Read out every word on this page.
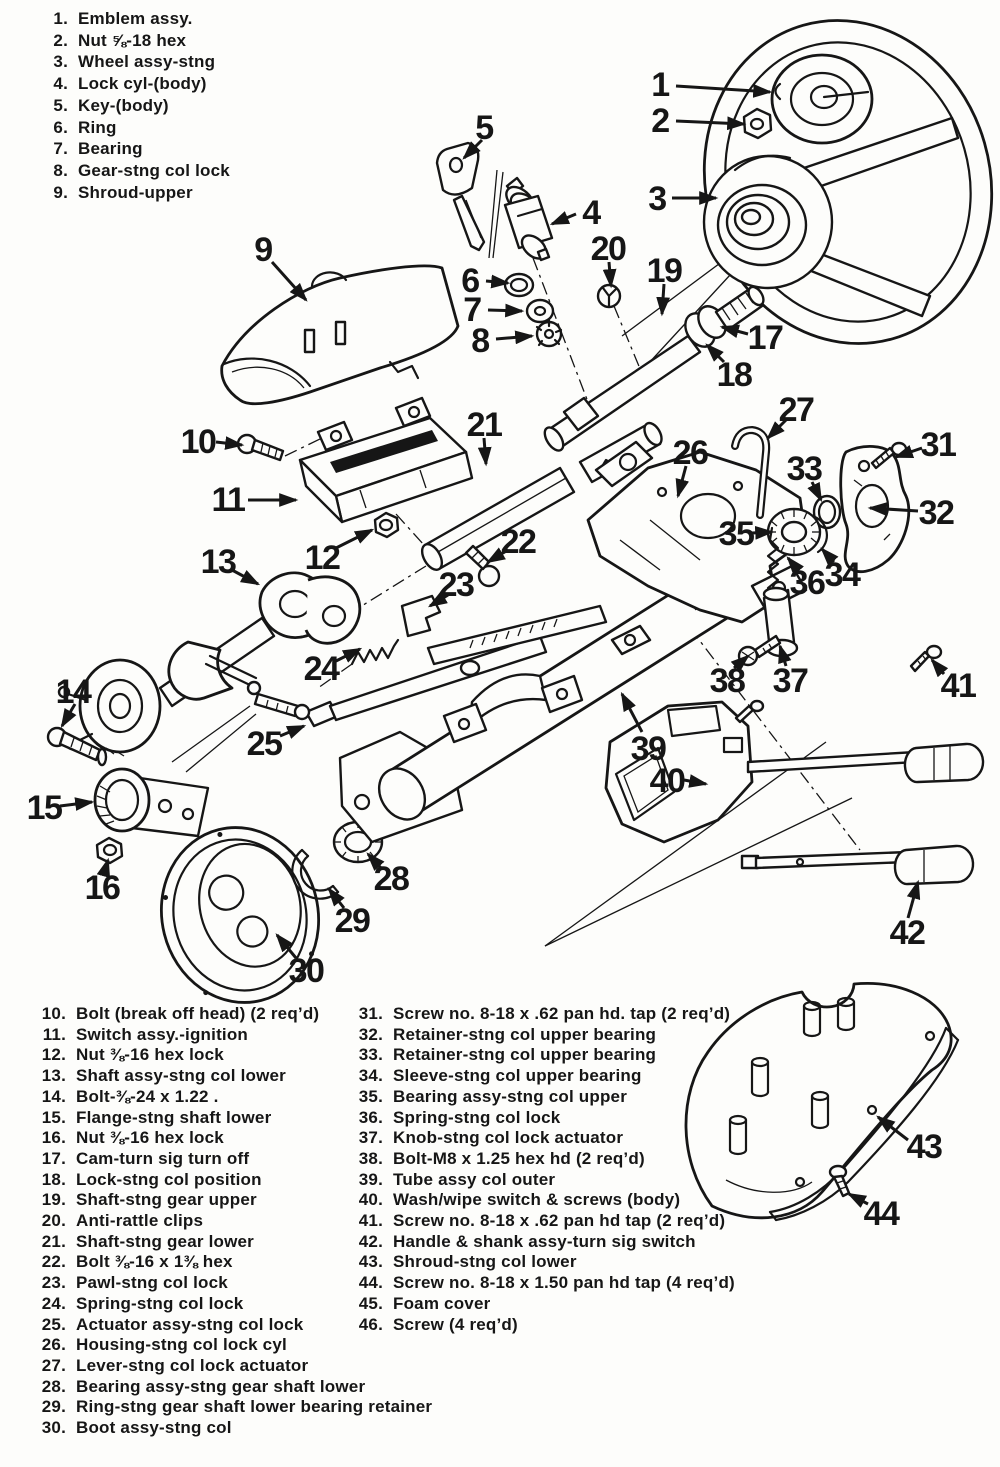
1
2
3
4
5
6
7
8
9
10
11
12
13
14
15
16
17
18
19
20
21
22
23
24
25
26
27
28
29
30
31
32
33
34
35
36
37
38
39
40
41
42
43
44
1. Emblem assy.
2. Nut ⅝-18 hex
3. Wheel assy-stng
4. Lock cyl-(body)
5. Key-(body)
6. Ring
7. Bearing
8. Gear-stng col lock
9. Shroud-upper
10. Bolt (break off head) (2 req’d)
11. Switch assy.-ignition
12. Nut ⅜-16 hex lock
13. Shaft assy-stng col lower
14. Bolt-⅜-24 x 1.22 .
15. Flange-stng shaft lower
16. Nut ⅜-16 hex lock
17. Cam-turn sig turn off
18. Lock-stng col position
19. Shaft-stng gear upper
20. Anti-rattle clips
21. Shaft-stng gear lower
22. Bolt ⅜-16 x 1⅜ hex
23. Pawl-stng col lock
24. Spring-stng col lock
25. Actuator assy-stng col lock
26. Housing-stng col lock cyl
27. Lever-stng col lock actuator
28. Bearing assy-stng gear shaft lower
29. Ring-stng gear shaft lower bearing retainer
30. Boot assy-stng col
31. Screw no. 8-18 x .62 pan hd. tap (2 req’d)
32. Retainer-stng col upper bearing
33. Retainer-stng col upper bearing
34. Sleeve-stng col upper bearing
35. Bearing assy-stng col upper
36. Spring-stng col lock
37. Knob-stng col lock actuator
38. Bolt-M8 x 1.25 hex hd (2 req’d)
39. Tube assy col outer
40. Wash/wipe switch & screws (body)
41. Screw no. 8-18 x .62 pan hd tap (2 req’d)
42. Handle & shank assy-turn sig switch
43. Shroud-stng col lower
44. Screw no. 8-18 x 1.50 pan hd tap (4 req’d)
45. Foam cover
46. Screw (4 req’d)
